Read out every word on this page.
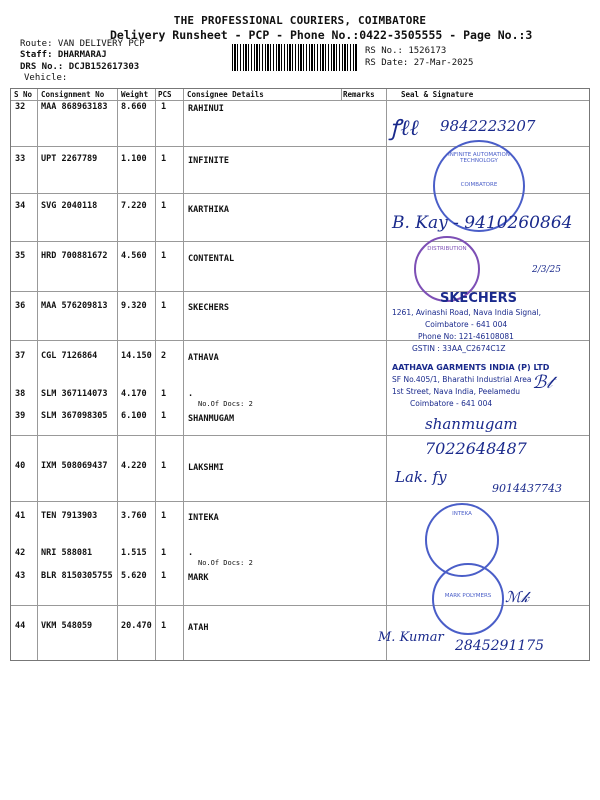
THE PROFESSIONAL COURIERS, COIMBATORE
Delivery Runsheet - PCP - Phone No.:0422-3505555 - Page No.:3
Route: VAN DELIVERY PCP
Staff: DHARMARAJ
DRS No.: DCJB152617303
Vehicle:
RS No.: 1526173
RS Date: 27-Mar-2025
S No Consignment No Weight PCS Consignee Details	Remarks	Seal & Signature
32 MAA 868963183 8.660 1	RAHINUI
33 UPT 2267789	1.100 1	INFINITE
34 SVG 2040118	7.220 1	KARTHIKA
35 HRD 700881672 4.560 1	CONTENTAL
36 MAA 576209813 9.320 1	SKECHERS
37 CGL 7126864	14.150 2	ATHAVA
38 SLM 367114073 4.170 1	.
No.Of Docs: 2
39 SLM 367098305 6.100 1	SHANMUGAM
40 IXM 508069437 4.220 1	LAKSHMI
41 TEN 7913903	3.760 1	INTEKA
42 NRI 588081	1.515 1	.
No.Of Docs: 2
43 BLR 8150305755 5.620 1	MARK
44 VKM 548059	20.470 1	ATAH
ꝭℓℓ 9842223207
INFINITE AUTOMATION TECHNOLOGY
COIMBATORE
B. Kay - 9410260864
DISTRIBUTION
2/3/25
SKECHERS
1261, Avinashi Road, Nava India Signal,
Coimbatore - 641 004
Phone No: 121-46108081
GSTIN : 33AA_C2674C1Z
AATHAVA GARMENTS INDIA (P) LTD
SF No.405/1, Bharathi Industrial Area
1st Street, Nava India, Peelamedu
Coimbatore - 641 004
ℬ𝓉
shanmugam
7022648487
Lak. fy
9014437743
INTEKA
MARK POLYMERS ℳ𝓀
M. Kumar
2845291175
